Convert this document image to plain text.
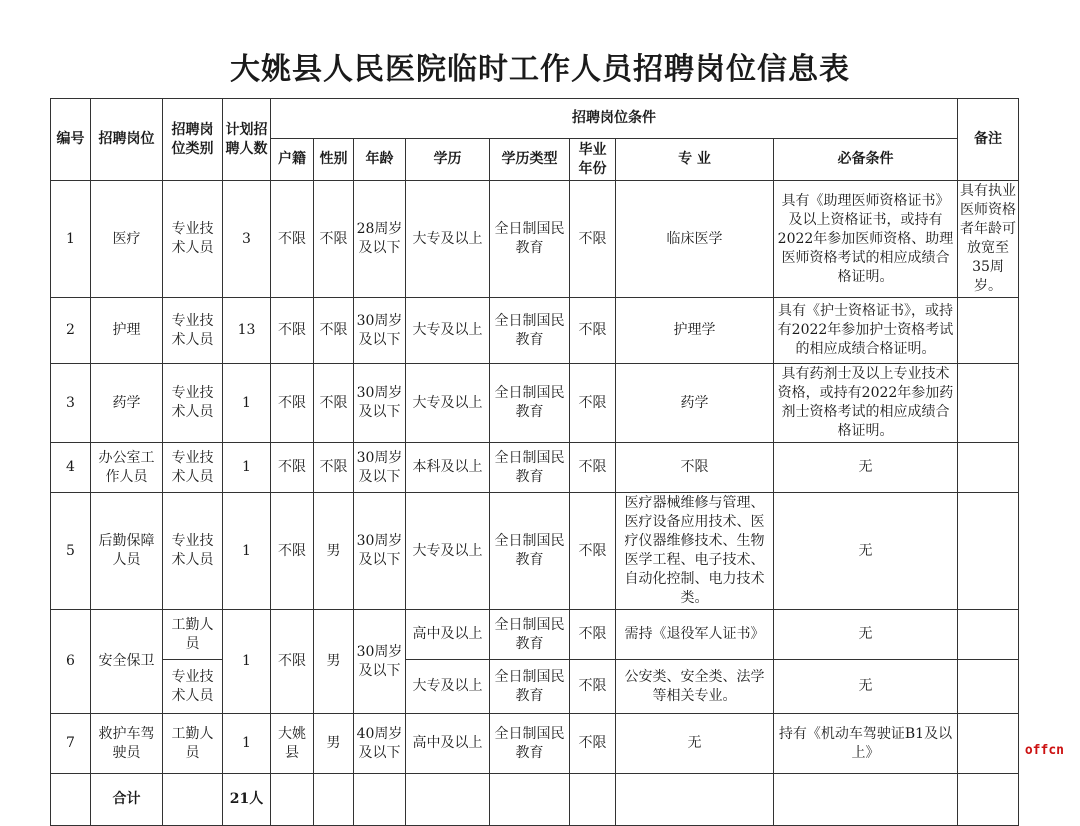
大姚县人民医院临时工作人员招聘岗位信息表
编号	招聘岗位	招聘岗位类别	计划招聘人数	招聘岗位条件								备注
				户籍	性别	年龄	学历	学历类型	毕业年份	专 业	必备条件	
1	医疗	专业技术人员	3	不限	不限	28周岁及以下	大专及以上	全日制国民教育	不限	临床医学	具有《助理医师资格证书》及以上资格证书，或持有2022年参加医师资格、助理医师资格考试的相应成绩合格证明。	具有执业医师资格者年龄可放宽至35周岁。
2	护理	专业技术人员	13	不限	不限	30周岁及以下	大专及以上	全日制国民教育	不限	护理学	具有《护士资格证书》，或持有2022年参加护士资格考试的相应成绩合格证明。	
3	药学	专业技术人员	1	不限	不限	30周岁及以下	大专及以上	全日制国民教育	不限	药学	具有药剂士及以上专业技术资格，或持有2022年参加药剂士资格考试的相应成绩合格证明。	
4	办公室工作人员	专业技术人员	1	不限	不限	30周岁及以下	本科及以上	全日制国民教育	不限	不限	无	
5	后勤保障人员	专业技术人员	1	不限	男	30周岁及以下	大专及以上	全日制国民教育	不限	医疗器械维修与管理、医疗设备应用技术、医疗仪器维修技术、生物医学工程、电子技术、自动化控制、电力技术类。	无	
6	安全保卫	工勤人员	1	不限	男	30周岁及以下	高中及以上	全日制国民教育	不限	需持《退役军人证书》	无	
		专业技术人员					大专及以上	全日制国民教育	不限	公安类、安全类、法学等相关专业。	无	
7	救护车驾驶员	工勤人员	1	大姚县	男	40周岁及以下	高中及以上	全日制国民教育	不限	无	持有《机动车驾驶证B1及以上》	
	合计		21人									
offcn
